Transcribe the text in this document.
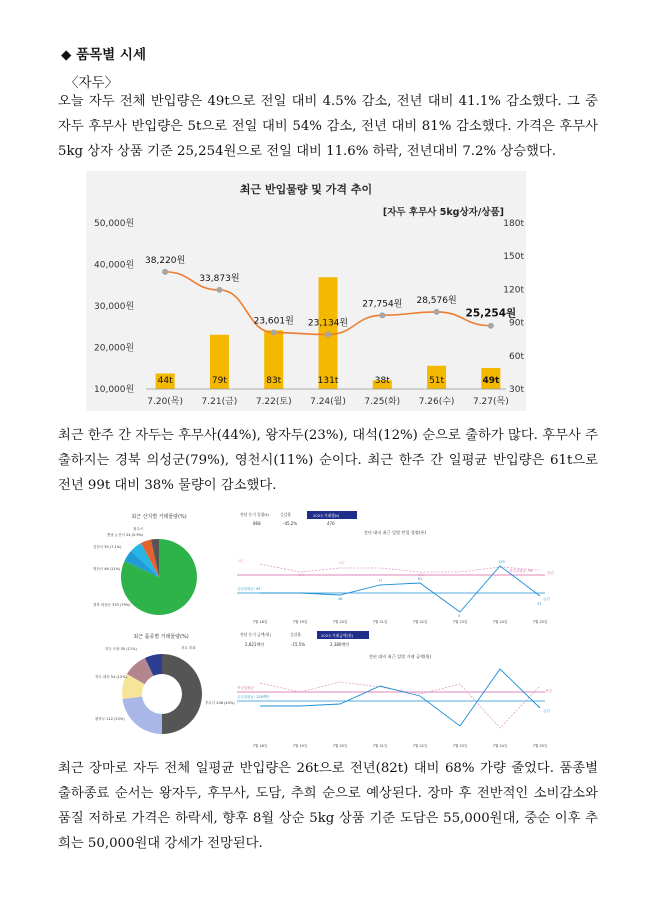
◆ 품목별 시세
〈자두〉
오늘 자두 전체 반입량은 49t으로 전일 대비 4.5% 감소, 전년 대비 41.1% 감소했다. 그 중 자두 후무사 반입량은 5t으로 전일 대비 54% 감소, 전년 대비 81% 감소했다. 가격은 후무사 5kg 상자 상품 기준 25,254원으로 전일 대비 11.6% 하락, 전년대비 7.2% 상승했다.
최근 반입물량 및 가격 추이
[자두 후무사 5kg상자/상품]
44t	79t	83t	131t	38t	51t	49t
38,220원
33,873원
23,601원 23,134원
27,754원 28,576원
25,254원
50,000원
40,000원
30,000원
20,000원
10,000원
180t
150t
120t
90t
60t
30t
7.20(목) 7.21(금) 7.22(토) 7.24(월) 7.25(화) 7.26(수) 7.27(목)
최근 한주 간 자두는 후무사(44%), 왕자두(23%), 대석(12%) 순으로 출하가 많다. 후무사 주 출하지는 경북 의성군(79%), 영천시(11%) 순이다. 최근 한주 간 일평균 반입량은 61t으로 전년 99t 대비 38% 물량이 감소했다.
최근 산지별 거래물량(%)
경북 의성군 333 (79%)
영천시 46 (11%)
김천시 30 (7.1%)
충남 논산시 24 (5.9%)
청주시
최근 품종별 거래물량(%)
후무사 206 (44%)
왕자두 112 (23%)
자두 대석 54 (12%)
자두 도담 55 (11%)	자두 추희
전년 동기 물량(t)	증감율	2023 거래량(t)
868	-45.2%	476
전년 대비 최근 일별 반입 물량(톤)
금년일평균: 61
전년일평균: 99	전년
금년
141
121
132
102
129
48
77	81
5
37
7월 18일	7월 19일	7월 20일	7월 21일	7월 22일	7월 23일	7월 24일	7월 25일
전년 동기 금액(원)	증감율	2023 거래금액(원)
2,821백만	-15.5%	2,380백만
전년 대비 최근 일별 거래 금액(원)
전년일평균
금년일평균: 228백만
전년
금년
7월 18일	7월 19일	7월 20일	7월 21일	7월 22일	7월 23일	7월 24일	7월 25일
최근 장마로 자두 전체 일평균 반입량은 26t으로 전년(82t) 대비 68% 가량 줄었다. 품종별 출하종료 순서는 왕자두, 후무사, 도담, 추희 순으로 예상된다. 장마 후 전반적인 소비감소와 품질 저하로 가격은 하락세, 향후 8월 상순 5kg 상품 기준 도담은 55,000원대, 중순 이후 추희는 50,000원대 강세가 전망된다.
